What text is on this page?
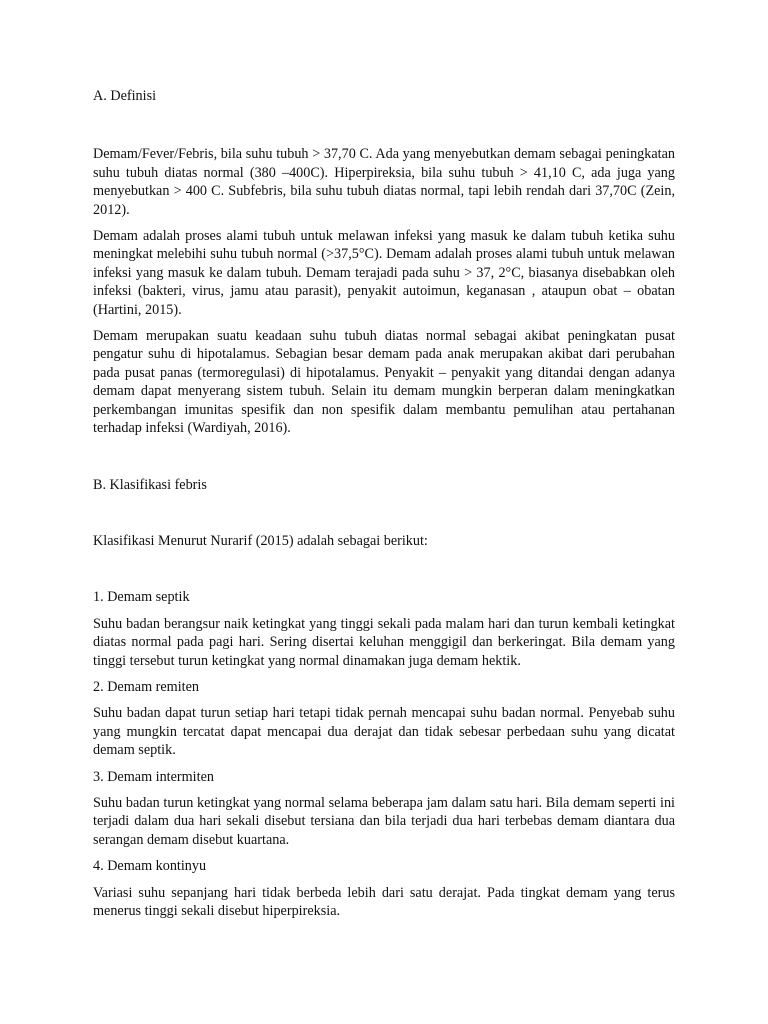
A. Definisi

Demam/Fever/Febris, bila suhu tubuh > 37,70 C. Ada yang menyebutkan demam sebagai peningkatan suhu tubuh diatas normal (380 –400C). Hiperpireksia, bila suhu tubuh > 41,10 C, ada juga yang menyebutkan > 400 C. Subfebris, bila suhu tubuh diatas normal, tapi lebih rendah dari 37,70C (Zein, 2012).

Demam adalah proses alami tubuh untuk melawan infeksi yang masuk ke dalam tubuh ketika suhu meningkat melebihi suhu tubuh normal (>37,5°C). Demam adalah proses alami tubuh untuk melawan infeksi yang masuk ke dalam tubuh. Demam terajadi pada suhu > 37, 2°C, biasanya disebabkan oleh infeksi (bakteri, virus, jamu atau parasit), penyakit autoimun, keganasan , ataupun obat – obatan (Hartini, 2015).

Demam merupakan suatu keadaan suhu tubuh diatas normal sebagai akibat peningkatan pusat pengatur suhu di hipotalamus. Sebagian besar demam pada anak merupakan akibat dari perubahan pada pusat panas (termoregulasi) di hipotalamus. Penyakit – penyakit yang ditandai dengan adanya demam dapat menyerang sistem tubuh. Selain itu demam mungkin berperan dalam meningkatkan perkembangan imunitas spesifik dan non spesifik dalam membantu pemulihan atau pertahanan terhadap infeksi (Wardiyah, 2016).

B. Klasifikasi febris

Klasifikasi Menurut Nurarif (2015) adalah sebagai berikut:

1. Demam septik

Suhu badan berangsur naik ketingkat yang tinggi sekali pada malam hari dan turun kembali ketingkat diatas normal pada pagi hari. Sering disertai keluhan menggigil dan berkeringat. Bila demam yang tinggi tersebut turun ketingkat yang normal dinamakan juga demam hektik.

2. Demam remiten

Suhu badan dapat turun setiap hari tetapi tidak pernah mencapai suhu badan normal. Penyebab suhu yang mungkin tercatat dapat mencapai dua derajat dan tidak sebesar perbedaan suhu yang dicatat demam septik.

3. Demam intermiten

Suhu badan turun ketingkat yang normal selama beberapa jam dalam satu hari. Bila demam seperti ini terjadi dalam dua hari sekali disebut tersiana dan bila terjadi dua hari terbebas demam diantara dua serangan demam disebut kuartana.

4. Demam kontinyu

Variasi suhu sepanjang hari tidak berbeda lebih dari satu derajat. Pada tingkat demam yang terus menerus tinggi sekali disebut hiperpireksia.
